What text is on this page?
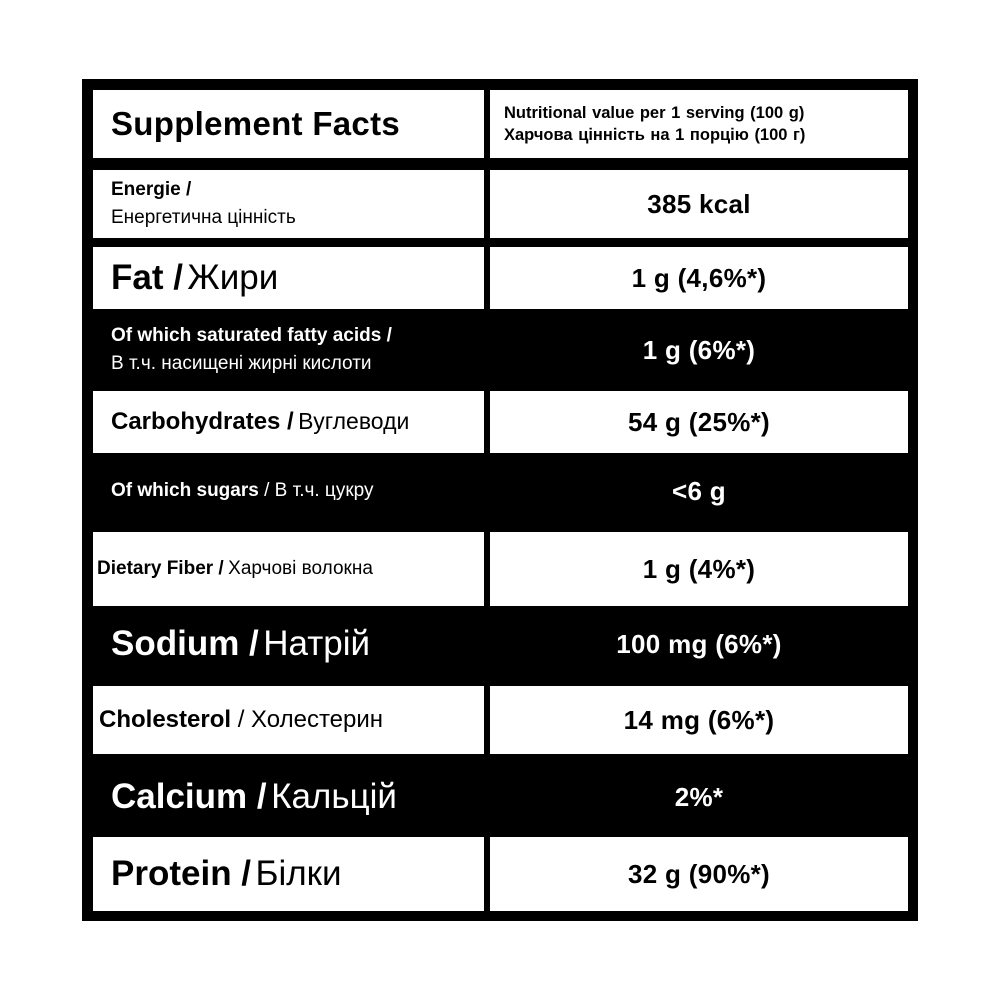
Supplement Facts	Nutritional value per 1 serving (100 g)
Харчова цінність на 1 порцію (100 г)
Energie /
Енергетична цінність	385 kcal
Fat / Жири	1 g (4,6%*)
Of which saturated fatty acids /
В т.ч. насищені жирні кислоти	1 g (6%*)
Carbohydrates / Вуглеводи	54 g (25%*)
Of which sugars / В т.ч. цукру	<6 g
Dietary Fiber / Харчові волокна	1 g (4%*)
Sodium / Натрій	100 mg (6%*)
Cholesterol / Холестерин	14 mg (6%*)
Calcium / Кальцій	2%*
Protein / Білки	32 g (90%*)
